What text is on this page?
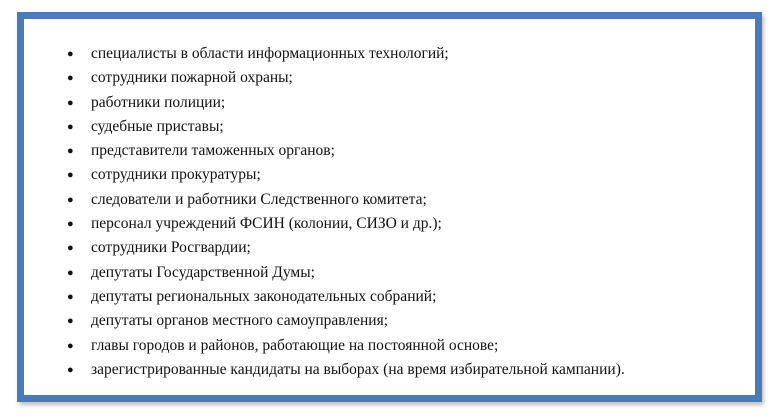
● специалисты в области информационных технологий;
● сотрудники пожарной охраны;
● работники полиции;
● судебные приставы;
● представители таможенных органов;
● сотрудники прокуратуры;
● следователи и работники Следственного комитета;
● персонал учреждений ФСИН (колонии, СИЗО и др.);
● сотрудники Росгвардии;
● депутаты Государственной Думы;
● депутаты региональных законодательных собраний;
● депутаты органов местного самоуправления;
● главы городов и районов, работающие на постоянной основе;
● зарегистрированные кандидаты на выборах (на время избирательной кампании).
